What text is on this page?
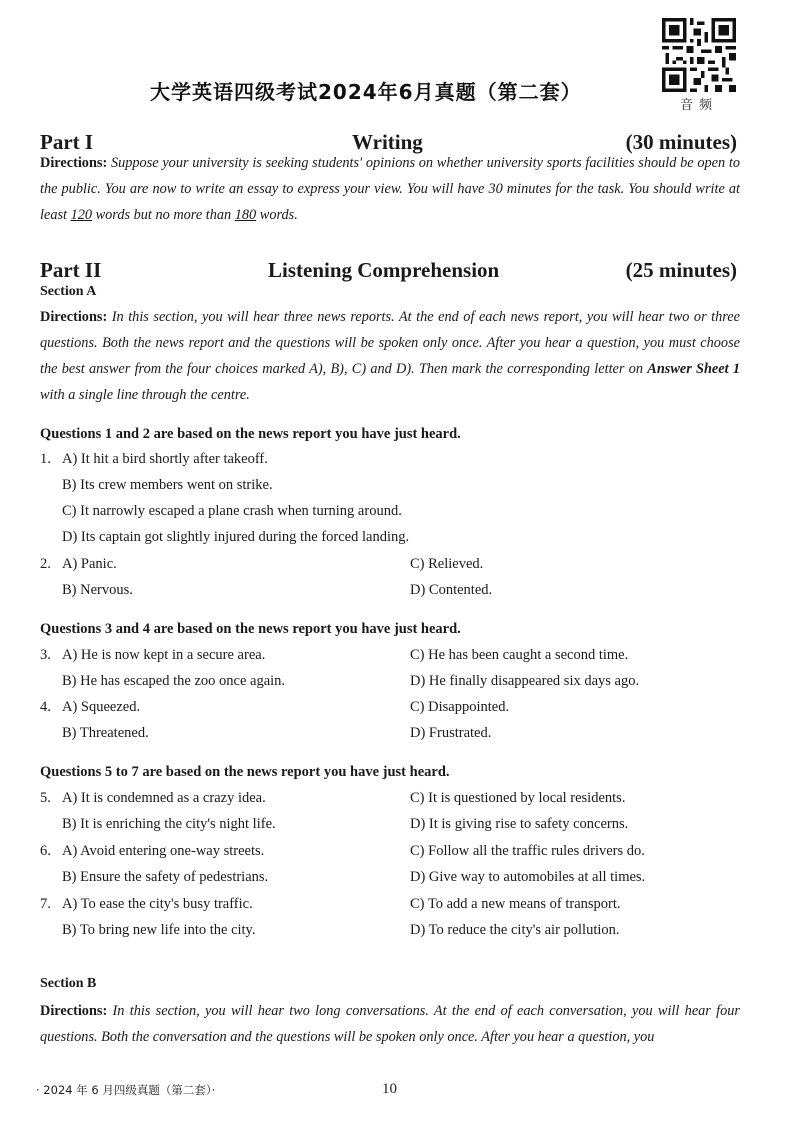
大学英语四级考试2024年6月真题（第二套）
音频
Part I	Writing	(30 minutes)
Directions: Suppose your university is seeking students' opinions on whether university sports facilities should be open to the public. You are now to write an essay to express your view. You will have 30 minutes for the task. You should write at least 120 words but no more than 180 words.
Part II	Listening Comprehension	(25 minutes)
Section A
Directions: In this section, you will hear three news reports. At the end of each news report, you will hear two or three questions. Both the news report and the questions will be spoken only once. After you hear a question, you must choose the best answer from the four choices marked A), B), C) and D). Then mark the corresponding letter on Answer Sheet 1 with a single line through the centre.
Questions 1 and 2 are based on the news report you have just heard.
1. A) It hit a bird shortly after takeoff.
B) Its crew members went on strike.
C) It narrowly escaped a plane crash when turning around.
D) Its captain got slightly injured during the forced landing.
2. A) Panic.	C) Relieved.
B) Nervous.	D) Contented.
Questions 3 and 4 are based on the news report you have just heard.
3. A) He is now kept in a secure area.	C) He has been caught a second time.
B) He has escaped the zoo once again.	D) He finally disappeared six days ago.
4. A) Squeezed.	C) Disappointed.
B) Threatened.	D) Frustrated.
Questions 5 to 7 are based on the news report you have just heard.
5. A) It is condemned as a crazy idea.	C) It is questioned by local residents.
B) It is enriching the city's night life.	D) It is giving rise to safety concerns.
6. A) Avoid entering one-way streets.	C) Follow all the traffic rules drivers do.
B) Ensure the safety of pedestrians.	D) Give way to automobiles at all times.
7. A) To ease the city's busy traffic.	C) To add a new means of transport.
B) To bring new life into the city.	D) To reduce the city's air pollution.
Section B
Directions: In this section, you will hear two long conversations. At the end of each conversation, you will hear four questions. Both the conversation and the questions will be spoken only once. After you hear a question, you
· 2024 年 6 月四级真题（第二套）·	10
